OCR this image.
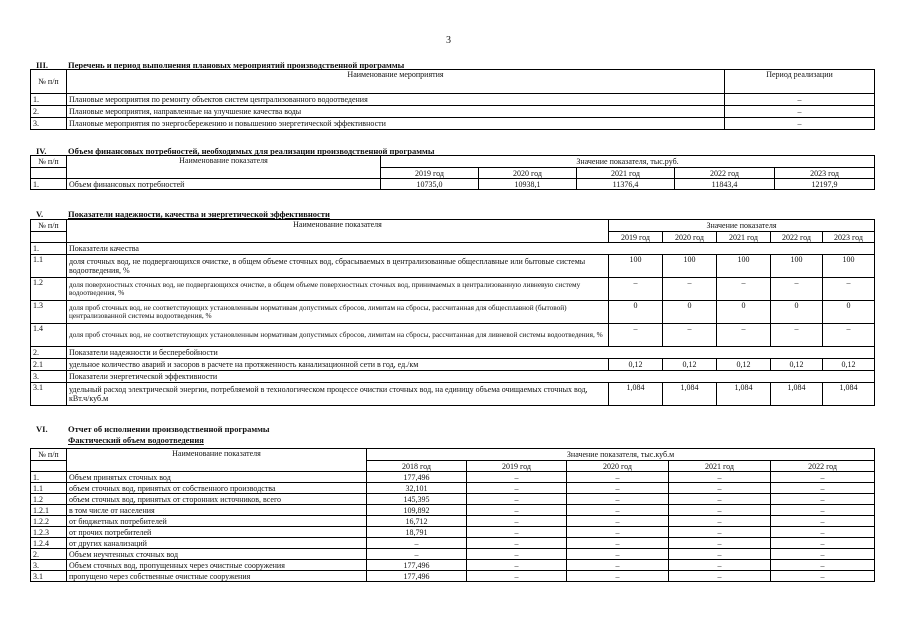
3
III. Перечень и период выполнения плановых мероприятий производственной программы
№ п/п	Наименование мероприятия	Период реализации
1.	Плановые мероприятия по ремонту объектов систем централизованного водоотведения	–
2.	Плановые мероприятия, направленные на улучшение качества воды	–
3.	Плановые мероприятия по энергосбережению и повышению энергетической эффективности	–
IV.	Объем финансовых потребностей, необходимых для реализации производственной программы
№ п/п	Наименование показателя	Значение показателя, тыс.руб.				
		2019 год	2020 год	2021 год	2022 год	2023 год
1.	Объем финансовых потребностей	10735,0	10938,1	11376,4	11843,4	12197,9
V.	Показатели надежности, качества и энергетической эффективности
№ п/п	Наименование показателя	Значение показателя				
		2019 год	2020 год	2021 год	2022 год	2023 год
1.	Показатели качества					
1.1	доля сточных вод, не подвергающихся очистке, в общем объеме сточных вод, сбрасываемых в централизованные общесплавные или бытовые системы водоотведения, %	100	100	100	100	100
1.2	доля поверхностных сточных вод, не подвергающихся очистке, в общем объеме поверхностных сточных вод, принимаемых в централизованную ливневую систему водоотведения, %	–	–	–	–	–
1.3	доля проб сточных вод, не соответствующих установленным нормативам допустимых сбросов, лимитам на сбросы, рассчитанная для общесплавной (бытовой) централизованной системы водоотведения, %	0	0	0	0	0
1.4	доля проб сточных вод, не соответствующих установленным нормативам допустимых сбросов, лимитам на сбросы, рассчитанная для ливневой системы водоотведения, %	–	–	–	–	–
2.	Показатели надежности и бесперебойности					
2.1	удельное количество аварий и засоров в расчете на протяженность канализационной сети в год, ед./км	0,12	0,12	0,12	0,12	0,12
3.	Показатели энергетической эффективности					
3.1	удельный расход электрической энергии, потребляемой в технологическом процессе очистки сточных вод, на единицу объема очищаемых сточных вод, кВт.ч/куб.м	1,084	1,084	1,084	1,084	1,084
VI. Отчет об исполнении производственной программы
Фактический объем водоотведения
№ п/п	Наименование показателя	Значение показателя, тыс.куб.м				
		2018 год	2019 год	2020 год	2021 год	2022 год
1.	Объем принятых сточных вод	177,496	–	–	–	–
1.1	объем сточных вод, принятых от собственного производства	32,101	–	–	–	–
1.2	объем сточных вод, принятых от сторонних источников, всего	145,395	–	–	–	–
1.2.1	в том числе от населения	109,892	–	–	–	–
1.2.2	от бюджетных потребителей	16,712	–	–	–	–
1.2.3	от прочих потребителей	18,791	–	–	–	–
1.2.4	от других канализаций	–	–	–	–	–
2.	Объем неучтенных сточных вод	–	–	–	–	–
3.	Объем сточных вод, пропущенных через очистные сооружения	177,496	–	–	–	–
3.1	пропущено через собственные очистные сооружения	177,496	–	–	–	–
